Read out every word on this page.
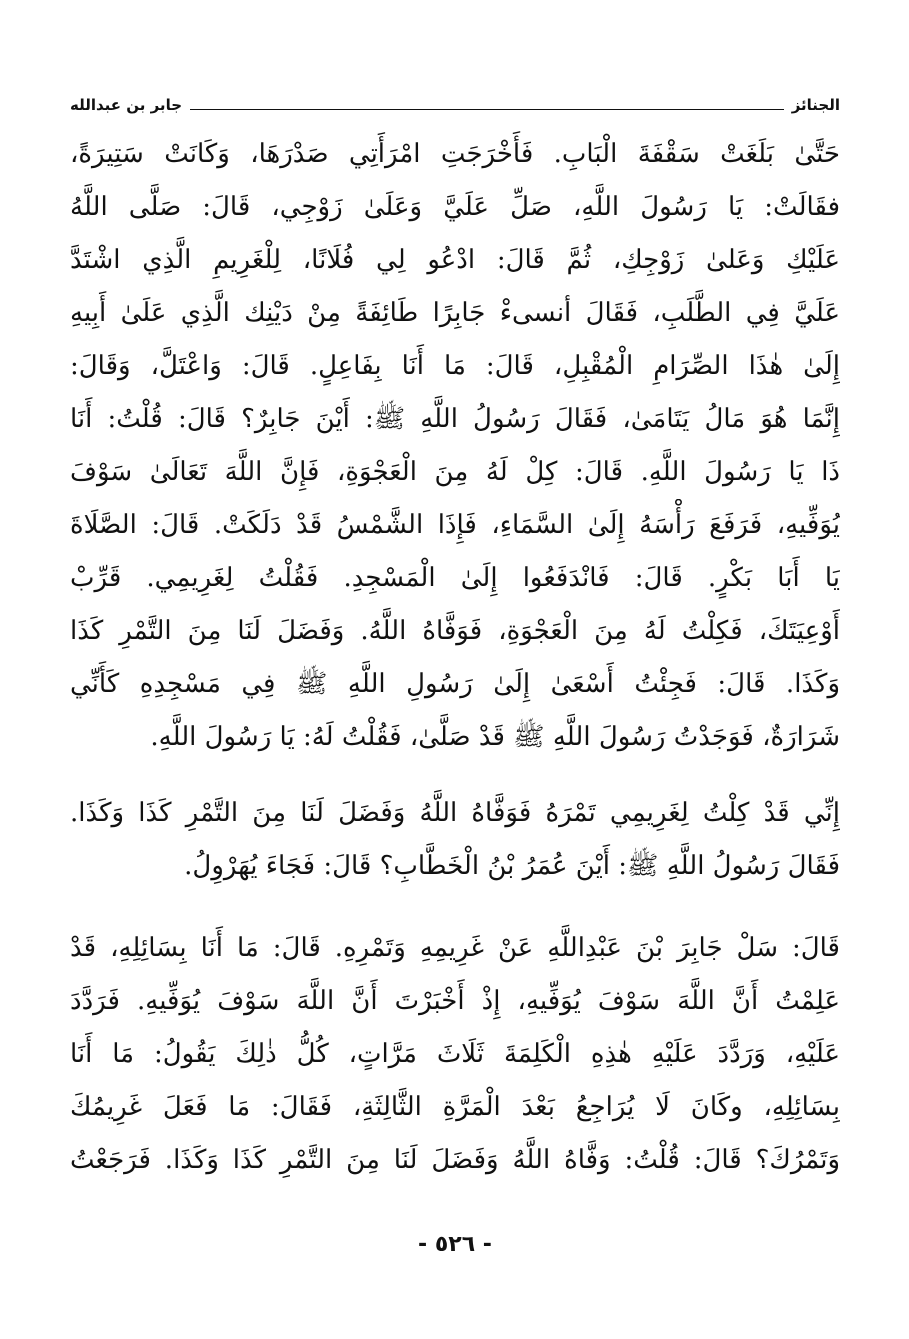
الجنائز
جابر بن عبدالله
حَتَّىٰ بَلَغَتْ سَقْفَةَ الْبَابِ. فَأَخْرَجَتِ امْرَأَتِي صَدْرَهَا، وَكَانَتْ سَتِيرَةً،
فقَالَتْ: يَا رَسُولَ اللَّهِ، صَلِّ عَلَيَّ وَعَلَىٰ زَوْجِي، قَالَ: صَلَّى اللَّهُ
عَلَيْكِ وَعَلىٰ زَوْجِكِ، ثُمَّ قَالَ: ادْعُو لِي فُلَانًا، لِلْغَرِيمِ الَّذِي اشْتَدَّ
عَلَيَّ فِي الطَّلَبِ، فَقَالَ أنسىءْ جَابِرًا طَائِفَةً مِنْ دَيْنِك الَّذِي عَلَىٰ أَبِيهِ
إِلَىٰ هٰذَا الصِّرَامِ الْمُقْبِلِ، قَالَ: مَا أَنَا بِفَاعِلٍ. قَالَ: وَاعْتَلَّ، وَقَالَ:
إِنَّمَا هُوَ مَالُ يَتَامَىٰ، فَقَالَ رَسُولُ اللَّهِ ﷺ: أَيْنَ جَابِرٌ؟ قَالَ: قُلْتُ: أَنَا
ذَا يَا رَسُولَ اللَّهِ. قَالَ: كِلْ لَهُ مِنَ الْعَجْوَةِ، فَإِنَّ اللَّهَ تَعَالَىٰ سَوْفَ
يُوَفِّيهِ، فَرَفَعَ رَأْسَهُ إِلَىٰ السَّمَاءِ، فَإِذَا الشَّمْسُ قَدْ دَلَكَتْ. قَالَ: الصَّلَاةَ
يَا أَبَا بَكْرٍ. قَالَ: فَانْدَفَعُوا إِلَىٰ الْمَسْجِدِ. فَقُلْتُ لِغَرِيمِي. قَرِّبْ
أَوْعِيَتَكَ، فَكِلْتُ لَهُ مِنَ الْعَجْوَةِ، فَوَفَّاهُ اللَّهُ. وَفَضَلَ لَنَا مِنَ التَّمْرِ كَذَا
وَكَذَا. قَالَ: فَجِئْتُ أَسْعَىٰ إِلَىٰ رَسُولِ اللَّهِ ﷺ فِي مَسْجِدِهِ كَأَنِّي
شَرَارَةٌ، فَوَجَدْتُ رَسُولَ اللَّهِ ﷺ قَدْ صَلَّىٰ، فَقُلْتُ لَهُ: يَا رَسُولَ اللَّهِ.
إِنِّي قَدْ كِلْتُ لِغَرِيمِي تَمْرَهُ فَوَفَّاهُ اللَّهُ وَفَضَلَ لَنَا مِنَ التَّمْرِ كَذَا وَكَذَا.
فَقَالَ رَسُولُ اللَّهِ ﷺ: أَيْنَ عُمَرُ بْنُ الْخَطَّابِ؟ قَالَ: فَجَاءَ يُهَرْوِلُ.
قَالَ: سَلْ جَابِرَ بْنَ عَبْدِاللَّهِ عَنْ غَرِيمِهِ وَتَمْرِهِ. قَالَ: مَا أَنَا بِسَائِلِهِ، قَدْ
عَلِمْتُ أَنَّ اللَّهَ سَوْفَ يُوَفِّيهِ، إِذْ أَخْبَرْتَ أَنَّ اللَّهَ سَوْفَ يُوَفِّيهِ. فَرَدَّدَ
عَلَيْهِ، وَرَدَّدَ عَلَيْهِ هٰذِهِ الْكَلِمَةَ ثَلَاثَ مَرَّاتٍ، كُلُّ ذٰلِكَ يَقُولُ: مَا أَنَا
بِسَائِلِهِ، وكَانَ لَا يُرَاجِعُ بَعْدَ الْمَرَّةِ الثَّالِثَةِ، فَقَالَ: مَا فَعَلَ غَرِيمُكَ
وَتَمْرُكَ؟ قَالَ: قُلْتُ: وَفَّاهُ اللَّهُ وَفَضَلَ لَنَا مِنَ التَّمْرِ كَذَا وَكَذَا. فَرَجَعْتُ
- ٥٢٦ -
